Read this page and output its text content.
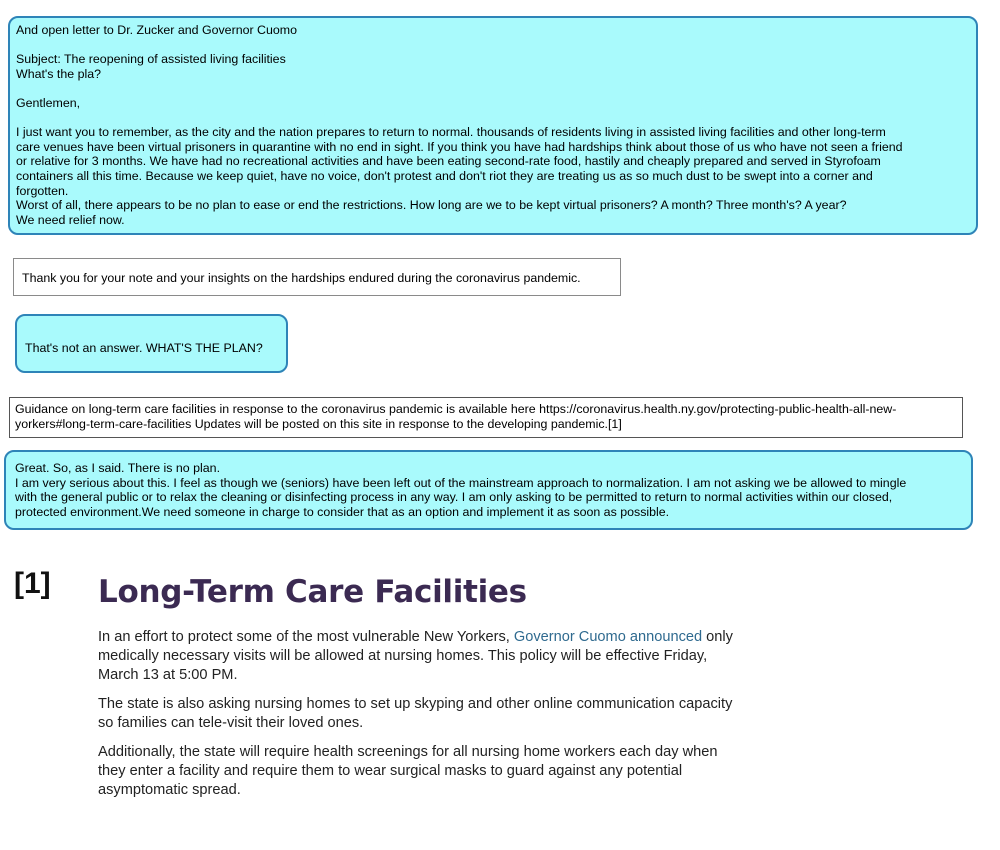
And open letter to Dr. Zucker and Governor Cuomo

Subject: The reopening of assisted living facilities

What's the pla?

Gentlemen,

I just want you to remember, as the city and the nation prepares to return to normal. thousands of residents living in assisted living facilities and other long-term

care venues have been virtual prisoners in quarantine with no end in sight. If you think you have had hardships think about those of us who have not seen a friend

or relative for 3 months. We have had no recreational activities and have been eating second-rate food, hastily and cheaply prepared and served in Styrofoam

containers all this time. Because we keep quiet, have no voice, don't protest and don't riot they are treating us as so much dust to be swept into a corner and

forgotten.

Worst of all, there appears to be no plan to ease or end the restrictions. How long are we to be kept virtual prisoners? A month? Three month's? A year?

We need relief now.

Thank you for your note and your insights on the hardships endured during the coronavirus pandemic.

That's not an answer. WHAT'S THE PLAN?

Guidance on long-term care facilities in response to the coronavirus pandemic is available here https://coronavirus.health.ny.gov/protecting-public-health-all-new-

yorkers#long-term-care-facilities Updates will be posted on this site in response to the developing pandemic.[1]

Great. So, as I said. There is no plan.

I am very serious about this. I feel as though we (seniors) have been left out of the mainstream approach to normalization. I am not asking we be allowed to mingle

with the general public or to relax the cleaning or disinfecting process in any way. I am only asking to be permitted to return to normal activities within our closed,

protected environment.We need someone in charge to consider that as an option and implement it as soon as possible.

[1] Long-Term Care Facilities

In an effort to protect some of the most vulnerable New Yorkers, Governor Cuomo announced only medically necessary visits will be allowed at nursing homes. This policy will be effective Friday, March 13 at 5:00 PM.

The state is also asking nursing homes to set up skyping and other online communication capacity so families can tele-visit their loved ones.

Additionally, the state will require health screenings for all nursing home workers each day when they enter a facility and require them to wear surgical masks to guard against any potential asymptomatic spread.
